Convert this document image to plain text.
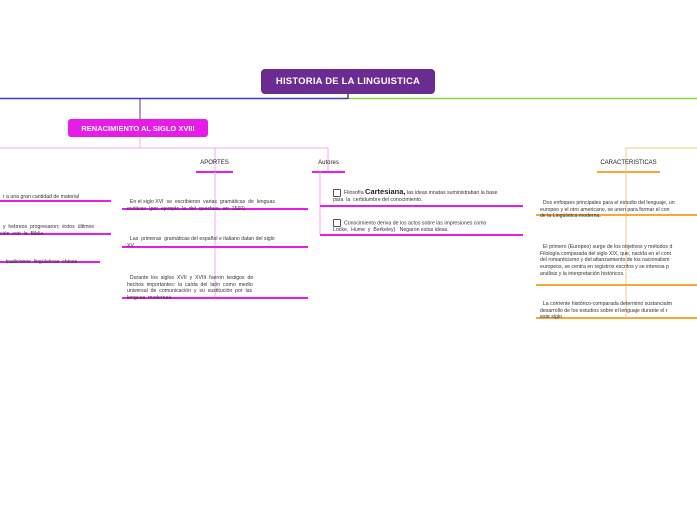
HISTORIA DE LA LINGUISTICA
RENACIMIENTO AL SIGLO XVIII

r a una gran cantidad de material

y  hebreos  progresaron;  éstos  últimos
ción  con  la  Biblia.

tradiciones  lingüísticas  chinas.

APORTES

En el siglo XVI  se  escribieron  varias  gramáticas  de  lenguas
exóticas  (por  ejemplo  la  del  quechua,  en  1560).

Las  primeras  gramáticas del español e italiano datan del siglo
XV.

Durante  los  siglos  XVII  y  XVIII  fueron  testigos  de
hechos  importantes:  la  caída  del  latín  como  medio
universal  de  comunicación  y  su  sustitución  por  las
lenguas  modernas.

Autores
Filosofía Cartesiana, las ideas innatas suministraban la base
para  la  certidumbre del conocimiento.
Conocimiento deriva de los actos sobre las impresiones como
Locke,  Hume  y  Berkeley)   Negaron estas ideas.
CARACTERISTICAS

Dos enfoques principales para el estudio del lenguaje, un
europeo y el otro americano, se unen para formar el con
de la Lingüística moderna.

El primero (Europeo) surge de los objetivos y métodos d
Filología comparada del siglo XIX, que, nacida en el cont
del romanticismo y del afianzamiento de los nacionalism
europeos, se centra en registros escritos y se interesa p
análisis y la interpretación históricos.

La corriente histórico-comparada determinó sustancialm
desarrollo de los estudios sobre el lenguaje durante el r
este siglo
